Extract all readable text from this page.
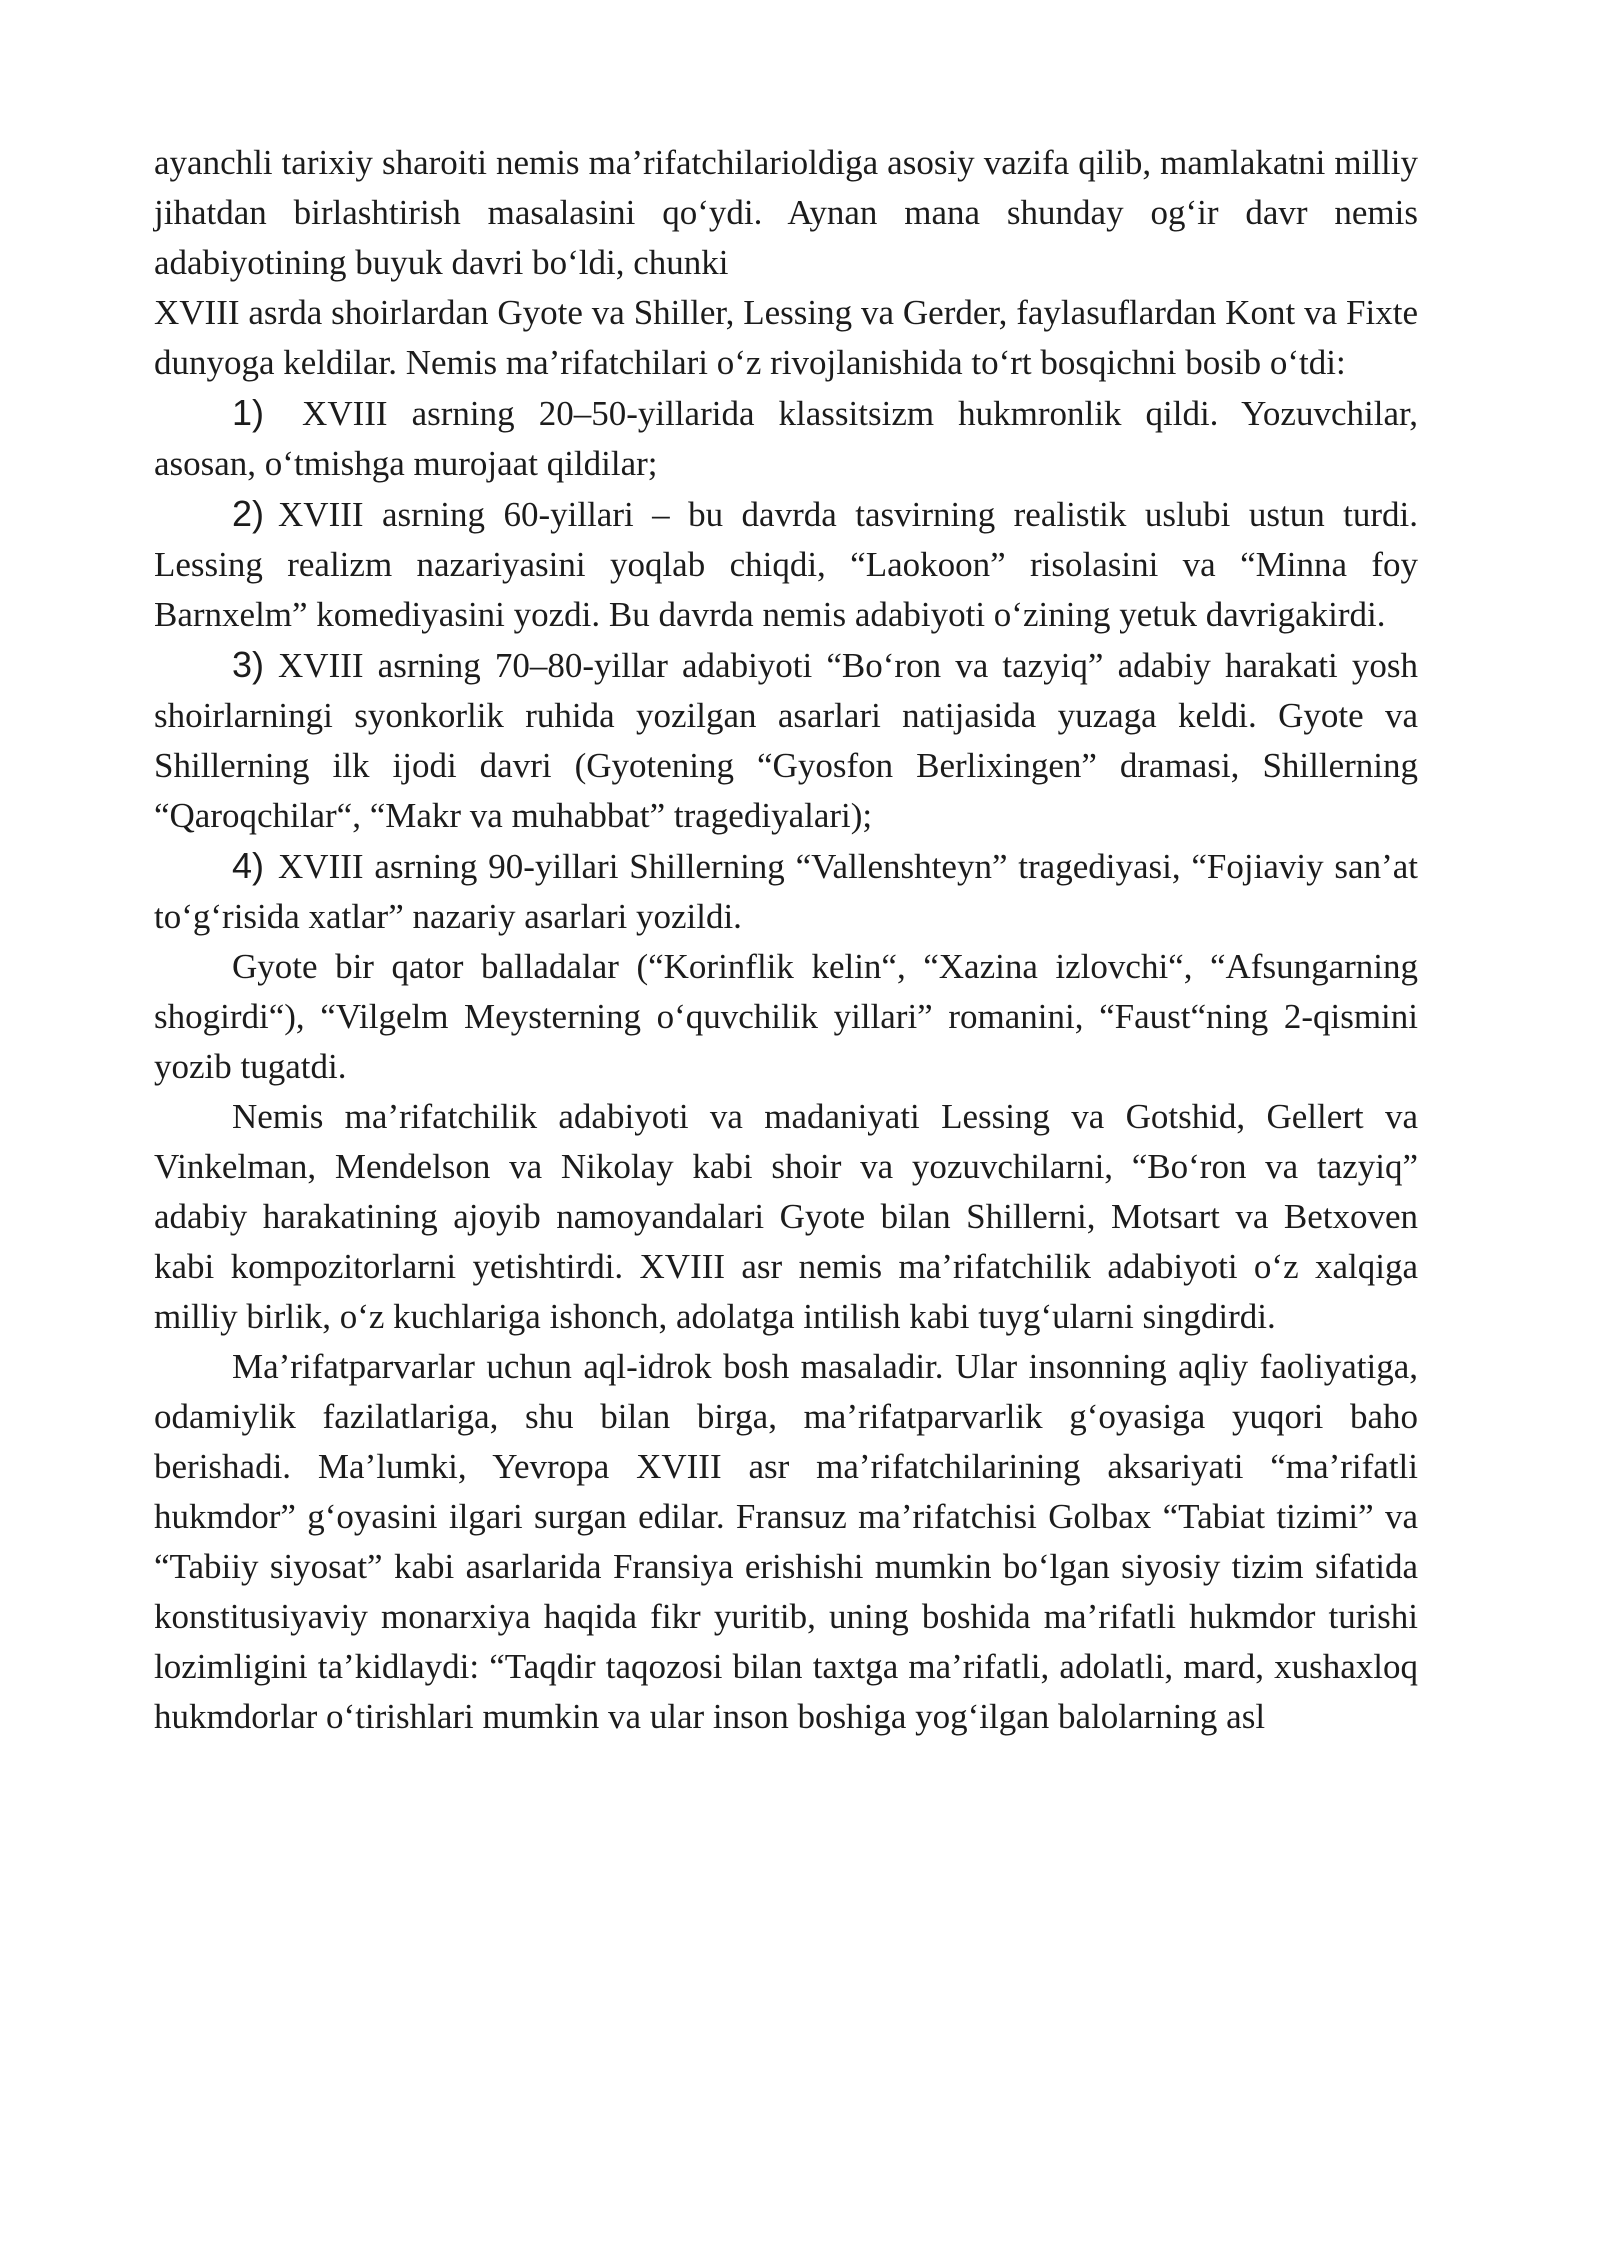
ayanchli tarixiy sharoiti nemis ma’rifatchilarioldiga asosiy vazifa qilib, mamlakatni milliy jihatdan birlashtirish masalasini qo‘ydi. Aynan mana shunday og‘ir davr nemis adabiyotining buyuk davri bo‘ldi, chunki

XVIII asrda shoirlardan Gyote va Shiller, Lessing va Gerder, faylasuflardan Kont va Fixte dunyoga keldilar. Nemis ma’rifatchilari o‘z rivojlanishida to‘rt bosqichni bosib o‘tdi:

1) XVIII asrning 20–50-yillarida klassitsizm hukmronlik qildi. Yozuvchilar, asosan, o‘tmishga murojaat qildilar;

2) XVIII asrning 60-yillari – bu davrda tasvirning realistik uslubi ustun turdi. Lessing realizm nazariyasini yoqlab chiqdi, “Laokoon” risolasini va “Minna foy Barnxelm” komediyasini yozdi. Bu davrda nemis adabiyoti o‘zining yetuk davrigakirdi.

3) XVIII asrning 70–80-yillar adabiyoti “Bo‘ron va tazyiq” adabiy harakati yosh shoirlarningi syonkorlik ruhida yozilgan asarlari natijasida yuzaga keldi. Gyote va Shillerning ilk ijodi davri (Gyotening “Gyosfon Berlixingen” dramasi, Shillerning “Qaroqchilar“, “Makr va muhabbat” tragediyalari);

4) XVIII asrning 90-yillari Shillerning “Vallenshteyn” tragediyasi, “Fojiaviy san’at to‘g‘risida xatlar” nazariy asarlari yozildi.

Gyote bir qator balladalar (“Korinflik kelin“, “Xazina izlovchi“, “Afsungarning shogirdi“), “Vilgelm Meysterning o‘quvchilik yillari” romanini, “Faust“ning 2-qismini yozib tugatdi.

Nemis ma’rifatchilik adabiyoti va madaniyati Lessing va Gotshid, Gellert va Vinkelman, Mendelson va Nikolay kabi shoir va yozuvchilarni, “Bo‘ron va tazyiq” adabiy harakatining ajoyib namoyandalari Gyote bilan Shillerni, Motsart va Betxoven kabi kompozitorlarni yetishtirdi. XVIII asr nemis ma’rifatchilik adabiyoti o‘z xalqiga milliy birlik, o‘z kuchlariga ishonch, adolatga intilish kabi tuyg‘ularni singdirdi.

Ma’rifatparvarlar uchun aql-idrok bosh masaladir. Ular insonning aqliy faoliyatiga, odamiylik fazilatlariga, shu bilan birga, ma’rifatparvarlik g‘oyasiga yuqori baho berishadi. Ma’lumki, Yevropa XVIII asr ma’rifatchilarining aksariyati “ma’rifatli hukmdor” g‘oyasini ilgari surgan edilar. Fransuz ma’rifatchisi Golbax “Tabiat tizimi” va “Tabiiy siyosat” kabi asarlarida Fransiya erishishi mumkin bo‘lgan siyosiy tizim sifatida konstitusiyaviy monarxiya haqida fikr yuritib, uning boshida ma’rifatli hukmdor turishi lozimligini ta’kidlaydi: “Taqdir taqozosi bilan taxtga ma’rifatli, adolatli, mard, xushaxloq hukmdorlar o‘tirishlari mumkin va ular inson boshiga yog‘ilgan balolarning asl
